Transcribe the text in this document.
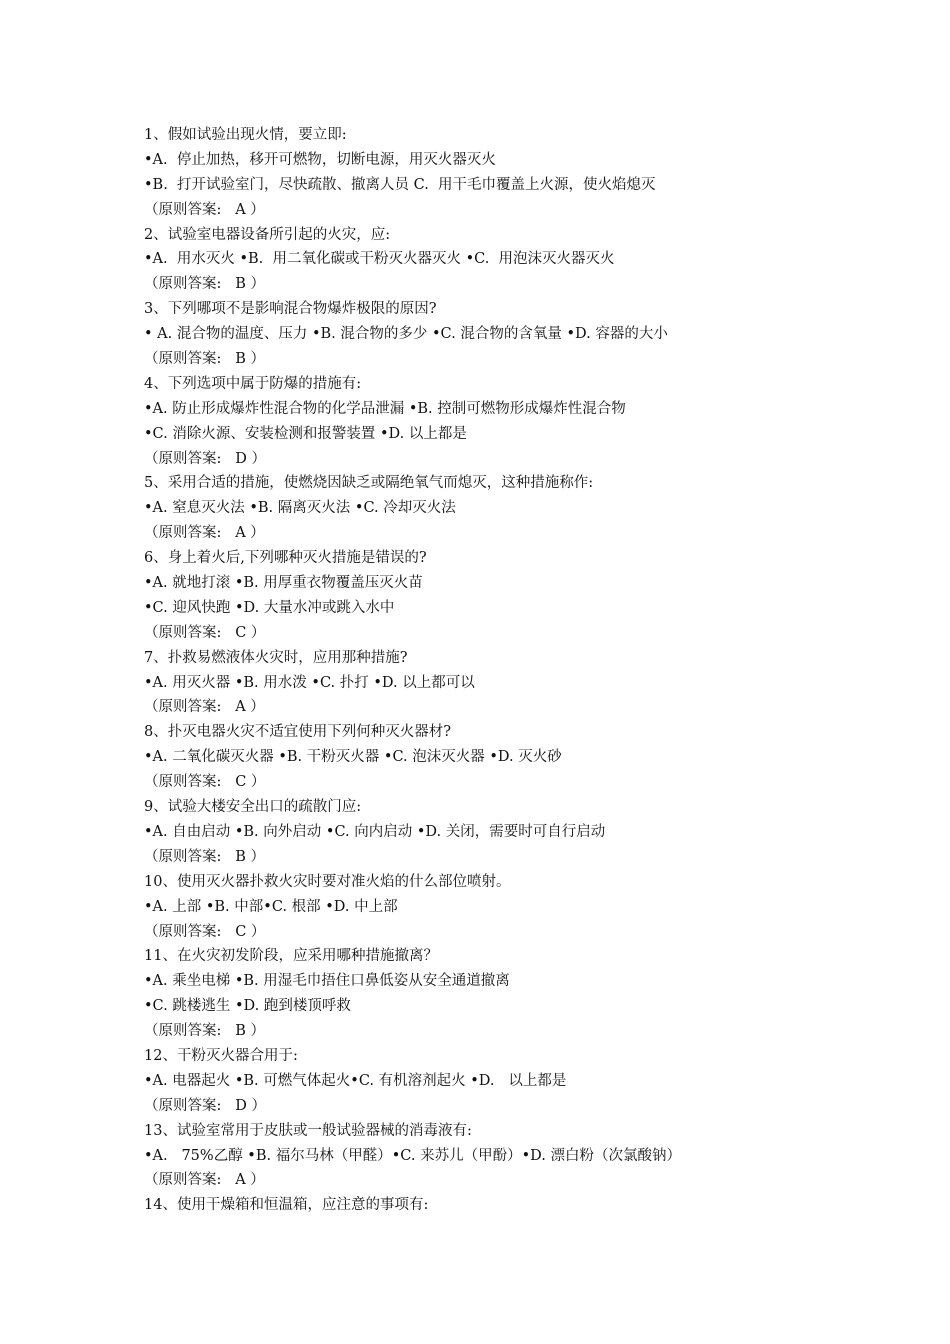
1、假如试验出现火情，要立即:
•A.  停止加热，移开可燃物，切断电源，用灭火器灭火
•B.  打开试验室门，尽快疏散、撤离人员 C.  用干毛巾覆盖上火源，使火焰熄灭
（原则答案:   A ）
2、试验室电器设备所引起的火灾，应:
•A.  用水灭火 •B.  用二氧化碳或干粉灭火器灭火 •C.  用泡沫灭火器灭火
（原则答案:   B ）
3、下列哪项不是影响混合物爆炸极限的原因?
• A. 混合物的温度、压力 •B. 混合物的多少 •C. 混合物的含氧量 •D. 容器的大小
（原则答案:   B ）
4、下列选项中属于防爆的措施有:
•A. 防止形成爆炸性混合物的化学品泄漏 •B. 控制可燃物形成爆炸性混合物
•C. 消除火源、安装检测和报警装置 •D. 以上都是
（原则答案:   D ）
5、采用合适的措施，使燃烧因缺乏或隔绝氧气而熄灭，这种措施称作:
•A. 窒息灭火法 •B. 隔离灭火法 •C. 冷却灭火法
（原则答案:   A ）
6、身上着火后,下列哪种灭火措施是错误的?
•A. 就地打滚 •B. 用厚重衣物覆盖压灭火苗
•C. 迎风快跑 •D. 大量水冲或跳入水中
（原则答案:   C ）
7、扑救易燃液体火灾时，应用那种措施?
•A. 用灭火器 •B. 用水泼 •C. 扑打 •D. 以上都可以
（原则答案:   A ）
8、扑灭电器火灾不适宜使用下列何种灭火器材?
•A. 二氧化碳灭火器 •B. 干粉灭火器 •C. 泡沫灭火器 •D. 灭火砂
（原则答案:   C ）
9、试验大楼安全出口的疏散门应:
•A. 自由启动 •B. 向外启动 •C. 向内启动 •D. 关闭，需要时可自行启动
（原则答案:   B ）
10、使用灭火器扑救火灾时要对准火焰的什么部位喷射。
•A. 上部 •B. 中部•C. 根部 •D. 中上部
（原则答案:   C ）
11、在火灾初发阶段，应采用哪种措施撤离？
•A. 乘坐电梯 •B. 用湿毛巾捂住口鼻低姿从安全通道撤离
•C. 跳楼逃生 •D. 跑到楼顶呼救
（原则答案:   B ）
12、干粉灭火器合用于:
•A. 电器起火 •B. 可燃气体起火•C. 有机溶剂起火 •D.   以上都是
（原则答案:   D ）
13、试验室常用于皮肤或一般试验器械的消毒液有:
•A.   75%乙醇 •B. 福尔马林（甲醛）•C. 来苏儿（甲酚）•D. 漂白粉（次氯酸钠）
（原则答案:   A ）
14、使用干燥箱和恒温箱，应注意的事项有:
